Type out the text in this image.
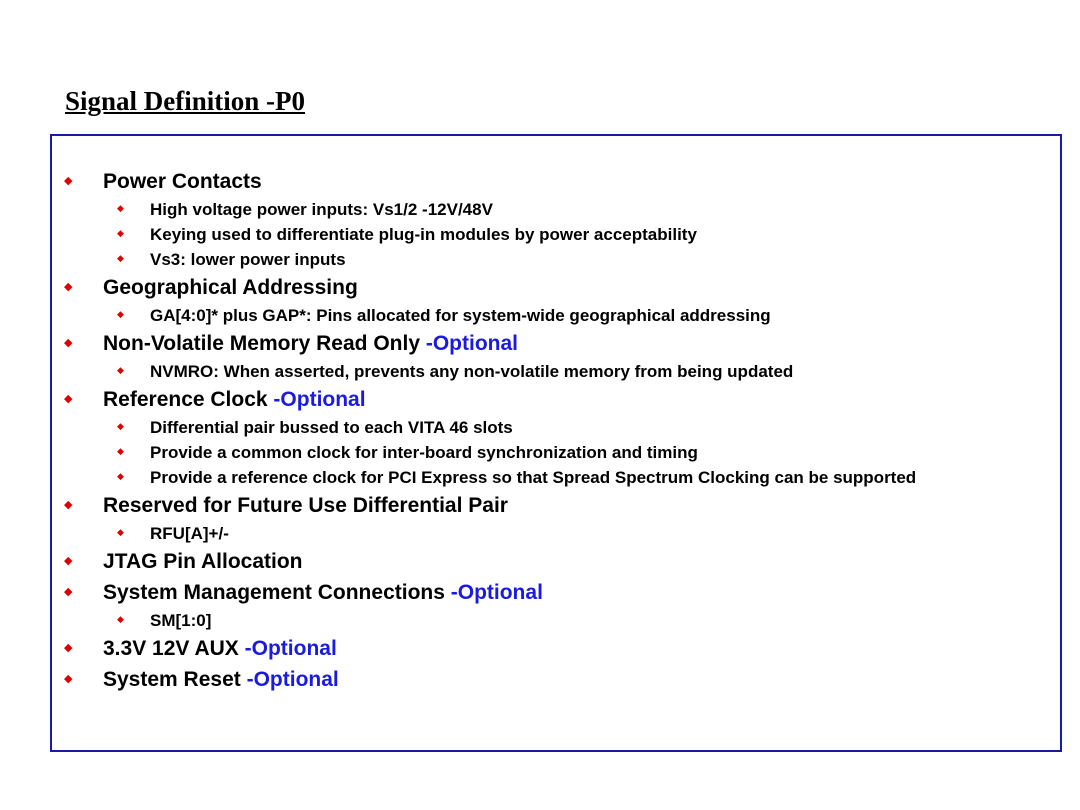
Signal Definition -P0
◆ Power Contacts
◆ High voltage power inputs: Vs1/2 -12V/48V
◆ Keying used to differentiate plug-in modules by power acceptability
◆ Vs3: lower power inputs
◆ Geographical Addressing
◆ GA[4:0]* plus GAP*: Pins allocated for system-wide geographical addressing
◆ Non-Volatile Memory Read Only -Optional
◆ NVMRO: When asserted, prevents any non-volatile memory from being updated
◆ Reference Clock -Optional
◆ Differential pair bussed to each VITA 46 slots
◆ Provide a common clock for inter-board synchronization and timing
◆ Provide a reference clock for PCI Express so that Spread Spectrum Clocking can be supported
◆ Reserved for Future Use Differential Pair
◆ RFU[A]+/-
◆ JTAG Pin Allocation
◆ System Management Connections -Optional
◆ SM[1:0]
◆ 3.3V 12V AUX -Optional
◆ System Reset -Optional
